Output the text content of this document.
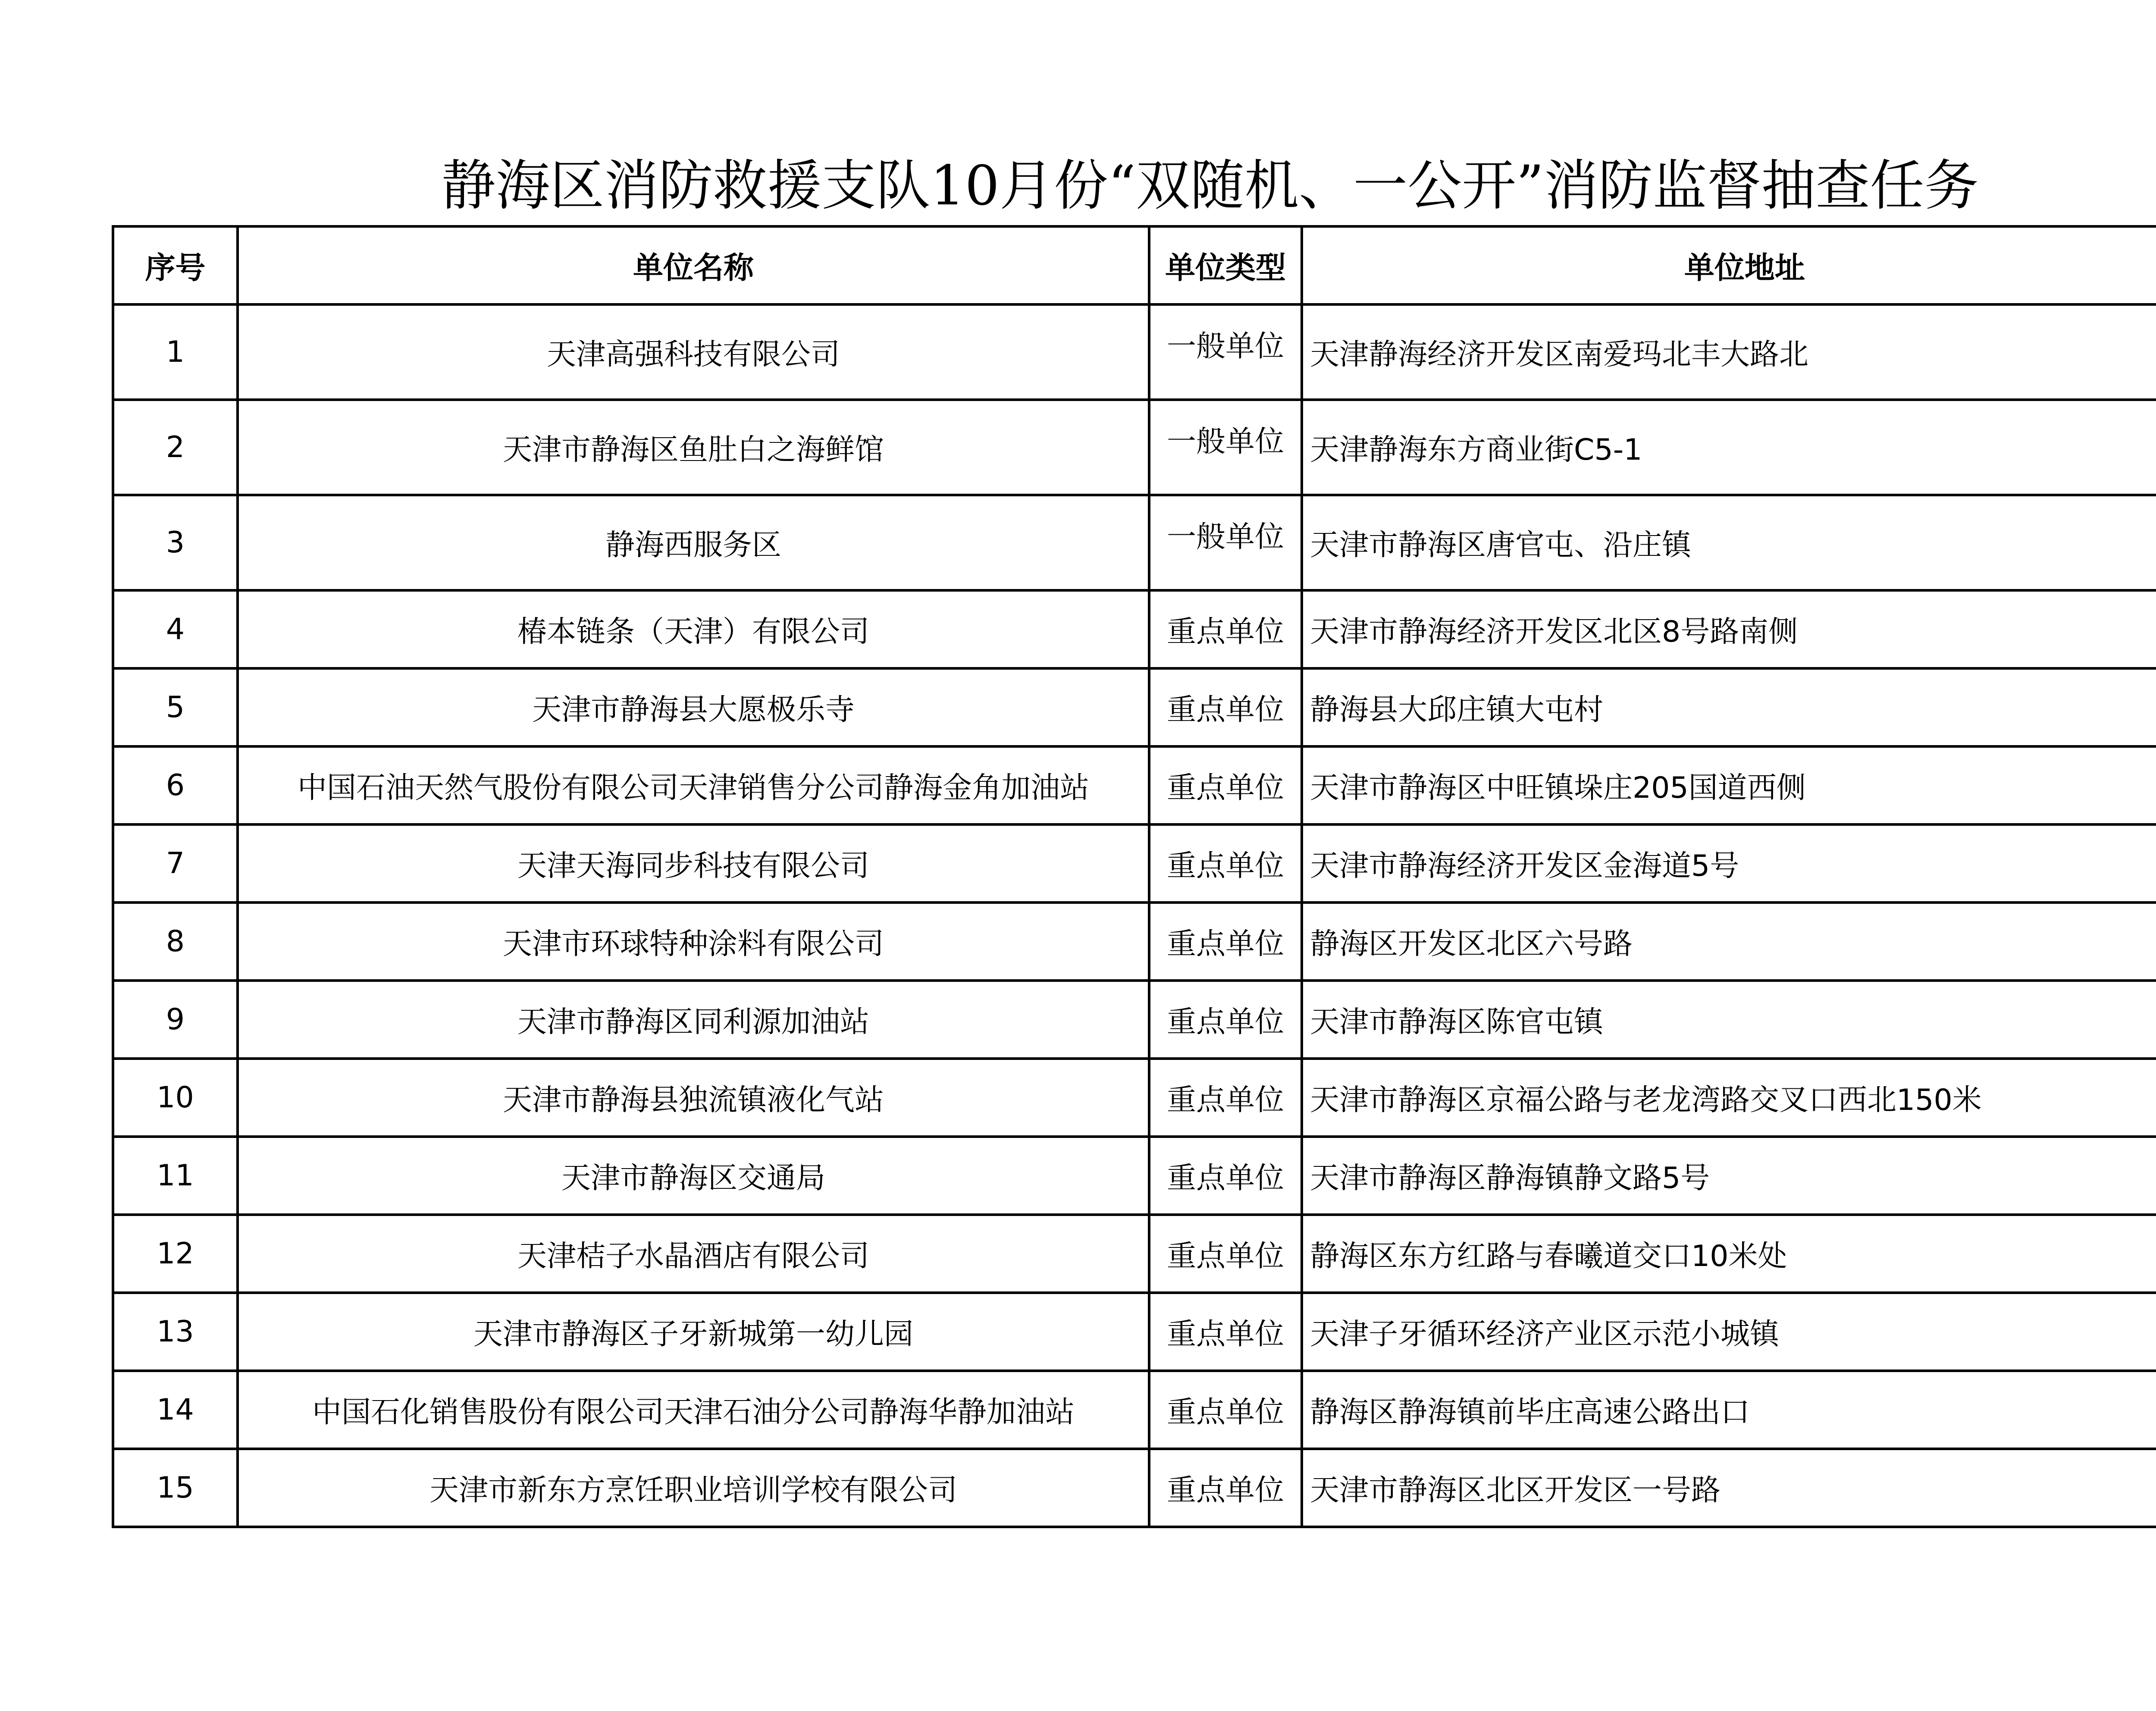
静海区消防救援支队10月份“双随机、一公开”消防监督抽查任务
序号	单位名称	单位类型	单位地址	
1	天津高强科技有限公司	一般单位	天津静海经济开发区南爱玛北丰大路北	
2	天津市静海区鱼肚白之海鲜馆	一般单位	天津静海东方商业街C5-1	
3	静海西服务区	一般单位	天津市静海区唐官屯、沿庄镇	
4	椿本链条（天津）有限公司	重点单位	天津市静海经济开发区北区8号路南侧	
5	天津市静海县大愿极乐寺	重点单位	静海县大邱庄镇大屯村	
6	中国石油天然气股份有限公司天津销售分公司静海金角加油站	重点单位	天津市静海区中旺镇垛庄205国道西侧	
7	天津天海同步科技有限公司	重点单位	天津市静海经济开发区金海道5号	
8	天津市环球特种涂料有限公司	重点单位	静海区开发区北区六号路	
9	天津市静海区同利源加油站	重点单位	天津市静海区陈官屯镇	
10	天津市静海县独流镇液化气站	重点单位	天津市静海区京福公路与老龙湾路交叉口西北150米	
11	天津市静海区交通局	重点单位	天津市静海区静海镇静文路5号	
12	天津桔子水晶酒店有限公司	重点单位	静海区东方红路与春曦道交口10米处	
13	天津市静海区子牙新城第一幼儿园	重点单位	天津子牙循环经济产业区示范小城镇	
14	中国石化销售股份有限公司天津石油分公司静海华静加油站	重点单位	静海区静海镇前毕庄高速公路出口	
15	天津市新东方烹饪职业培训学校有限公司	重点单位	天津市静海区北区开发区一号路	
